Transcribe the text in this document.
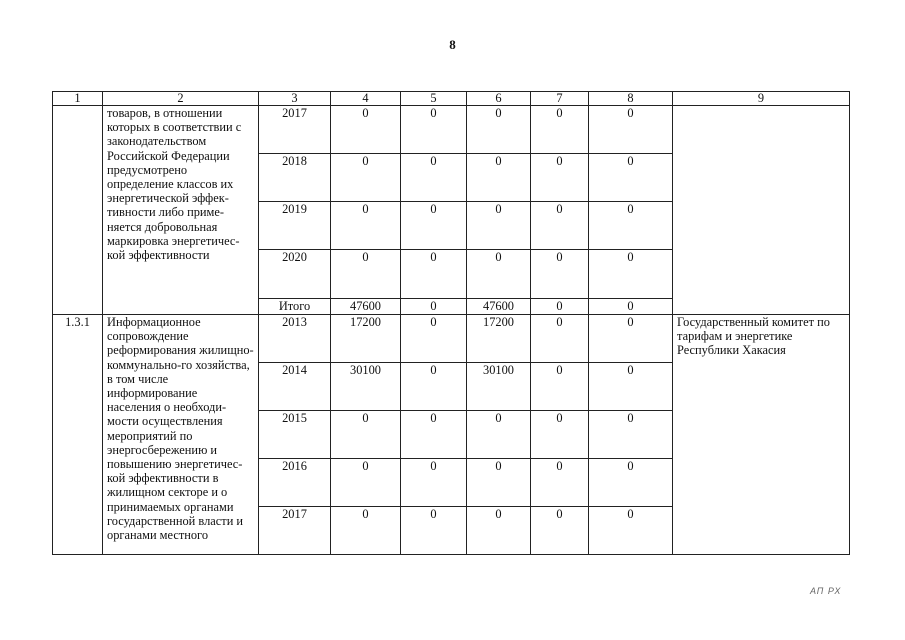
8
1	2	3	4	5	6	7	8	9

	товаров, в отношении которых в соответствии с законодательством Российской Федерации предусмотрено определение классов их энергетической эффек-тивности либо приме-няется добровольная маркировка энергетичес-кой эффективности	2017	0	0	0	0	0	
		2018	0	0	0	0	0	
		2019	0	0	0	0	0	
		2020	0	0	0	0	0	
		Итого	47600	0	47600	0	0	
1.3.1	Информационное сопровождение реформирования жилищно-коммунально-го хозяйства, в том числе информирование населения о необходи-мости осуществления мероприятий по энергосбережению и повышению энергетичес-кой эффективности в жилищном секторе и о принимаемых органами государственной власти и органами местного	2013	17200	0	17200	0	0	Государственный комитет по тарифам и энергетике Республики Хакасия
		2014	30100	0	30100	0	0	
		2015	0	0	0	0	0	
		2016	0	0	0	0	0	
		2017	0	0	0	0	0	
АП РХ
